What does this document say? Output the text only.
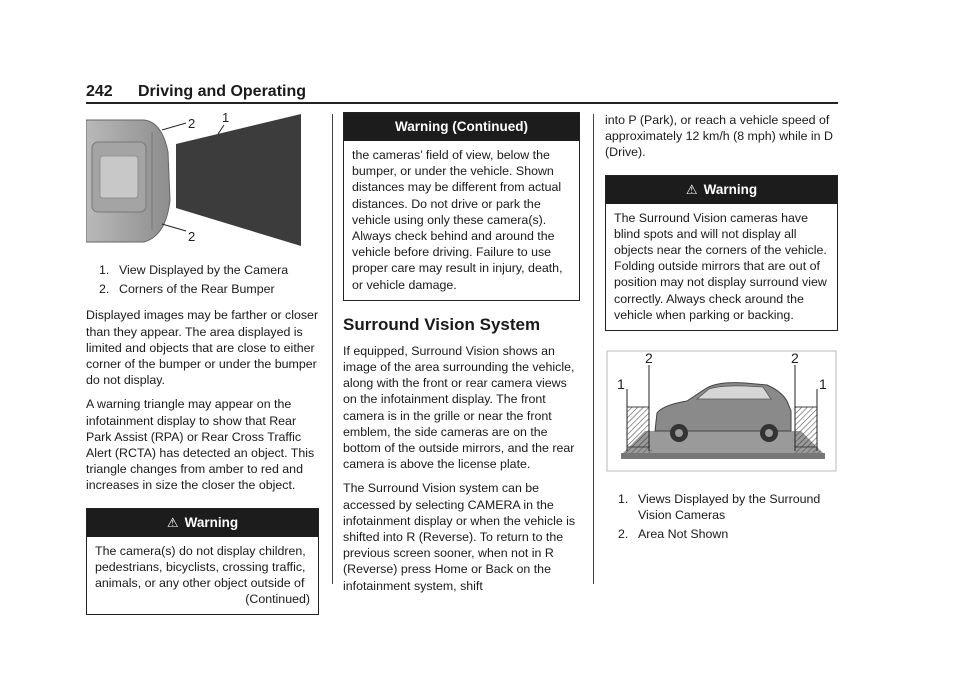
242 Driving and Operating
2 1
2
1. View Displayed by the Camera
2. Corners of the Rear Bumper

Displayed images may be farther or closer than they appear. The area displayed is limited and objects that are close to either corner of the bumper or under the bumper do not display.

A warning triangle may appear on the infotainment display to show that Rear Park Assist (RPA) or Rear Cross Traffic Alert (RCTA) has detected an object. This triangle changes from amber to red and increases in size the closer the object.

⚠ Warning
The camera(s) do not display children, pedestrians, bicyclists, crossing traffic, animals, or any other object outside of
(Continued)
Warning (Continued)
the cameras’ field of view, below the bumper, or under the vehicle. Shown distances may be different from actual distances. Do not drive or park the vehicle using only these camera(s). Always check behind and around the vehicle before driving. Failure to use proper care may result in injury, death, or vehicle damage.
Surround Vision System

If equipped, Surround Vision shows an image of the area surrounding the vehicle, along with the front or rear camera views on the infotainment display. The front camera is in the grille or near the front emblem, the side cameras are on the bottom of the outside mirrors, and the rear camera is above the license plate.

The Surround Vision system can be accessed by selecting CAMERA in the infotainment display or when the vehicle is shifted into R (Reverse). To return to the previous screen sooner, when not in R (Reverse) press Home or Back on the infotainment system, shift

into P (Park), or reach a vehicle speed of approximately 12 km/h (8 mph) while in D (Drive).

⚠ Warning
The Surround Vision cameras have blind spots and will not display all objects near the corners of the vehicle. Folding outside mirrors that are out of position may not display surround view correctly. Always check around the vehicle when parking or backing.
1
2	2
1
1. Views Displayed by the Surround Vision Cameras
2. Area Not Shown
